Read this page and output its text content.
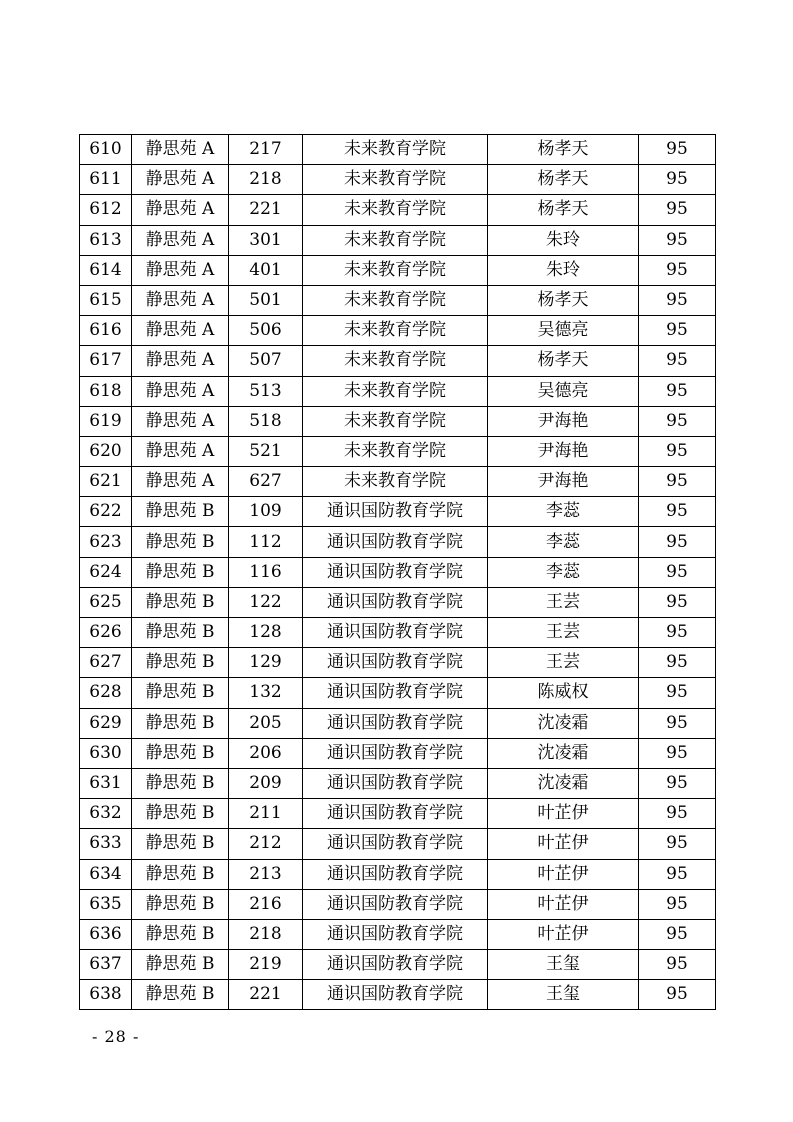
610	静思苑 A	217	未来教育学院	杨孝天	95
611	静思苑 A	218	未来教育学院	杨孝天	95
612	静思苑 A	221	未来教育学院	杨孝天	95
613	静思苑 A	301	未来教育学院	朱玲	95
614	静思苑 A	401	未来教育学院	朱玲	95
615	静思苑 A	501	未来教育学院	杨孝天	95
616	静思苑 A	506	未来教育学院	吴德亮	95
617	静思苑 A	507	未来教育学院	杨孝天	95
618	静思苑 A	513	未来教育学院	吴德亮	95
619	静思苑 A	518	未来教育学院	尹海艳	95
620	静思苑 A	521	未来教育学院	尹海艳	95
621	静思苑 A	627	未来教育学院	尹海艳	95
622	静思苑 B	109	通识国防教育学院	李蕊	95
623	静思苑 B	112	通识国防教育学院	李蕊	95
624	静思苑 B	116	通识国防教育学院	李蕊	95
625	静思苑 B	122	通识国防教育学院	王芸	95
626	静思苑 B	128	通识国防教育学院	王芸	95
627	静思苑 B	129	通识国防教育学院	王芸	95
628	静思苑 B	132	通识国防教育学院	陈威权	95
629	静思苑 B	205	通识国防教育学院	沈凌霜	95
630	静思苑 B	206	通识国防教育学院	沈凌霜	95
631	静思苑 B	209	通识国防教育学院	沈凌霜	95
632	静思苑 B	211	通识国防教育学院	叶芷伊	95
633	静思苑 B	212	通识国防教育学院	叶芷伊	95
634	静思苑 B	213	通识国防教育学院	叶芷伊	95
635	静思苑 B	216	通识国防教育学院	叶芷伊	95
636	静思苑 B	218	通识国防教育学院	叶芷伊	95
637	静思苑 B	219	通识国防教育学院	王玺	95
638	静思苑 B	221	通识国防教育学院	王玺	95
- 28 -
